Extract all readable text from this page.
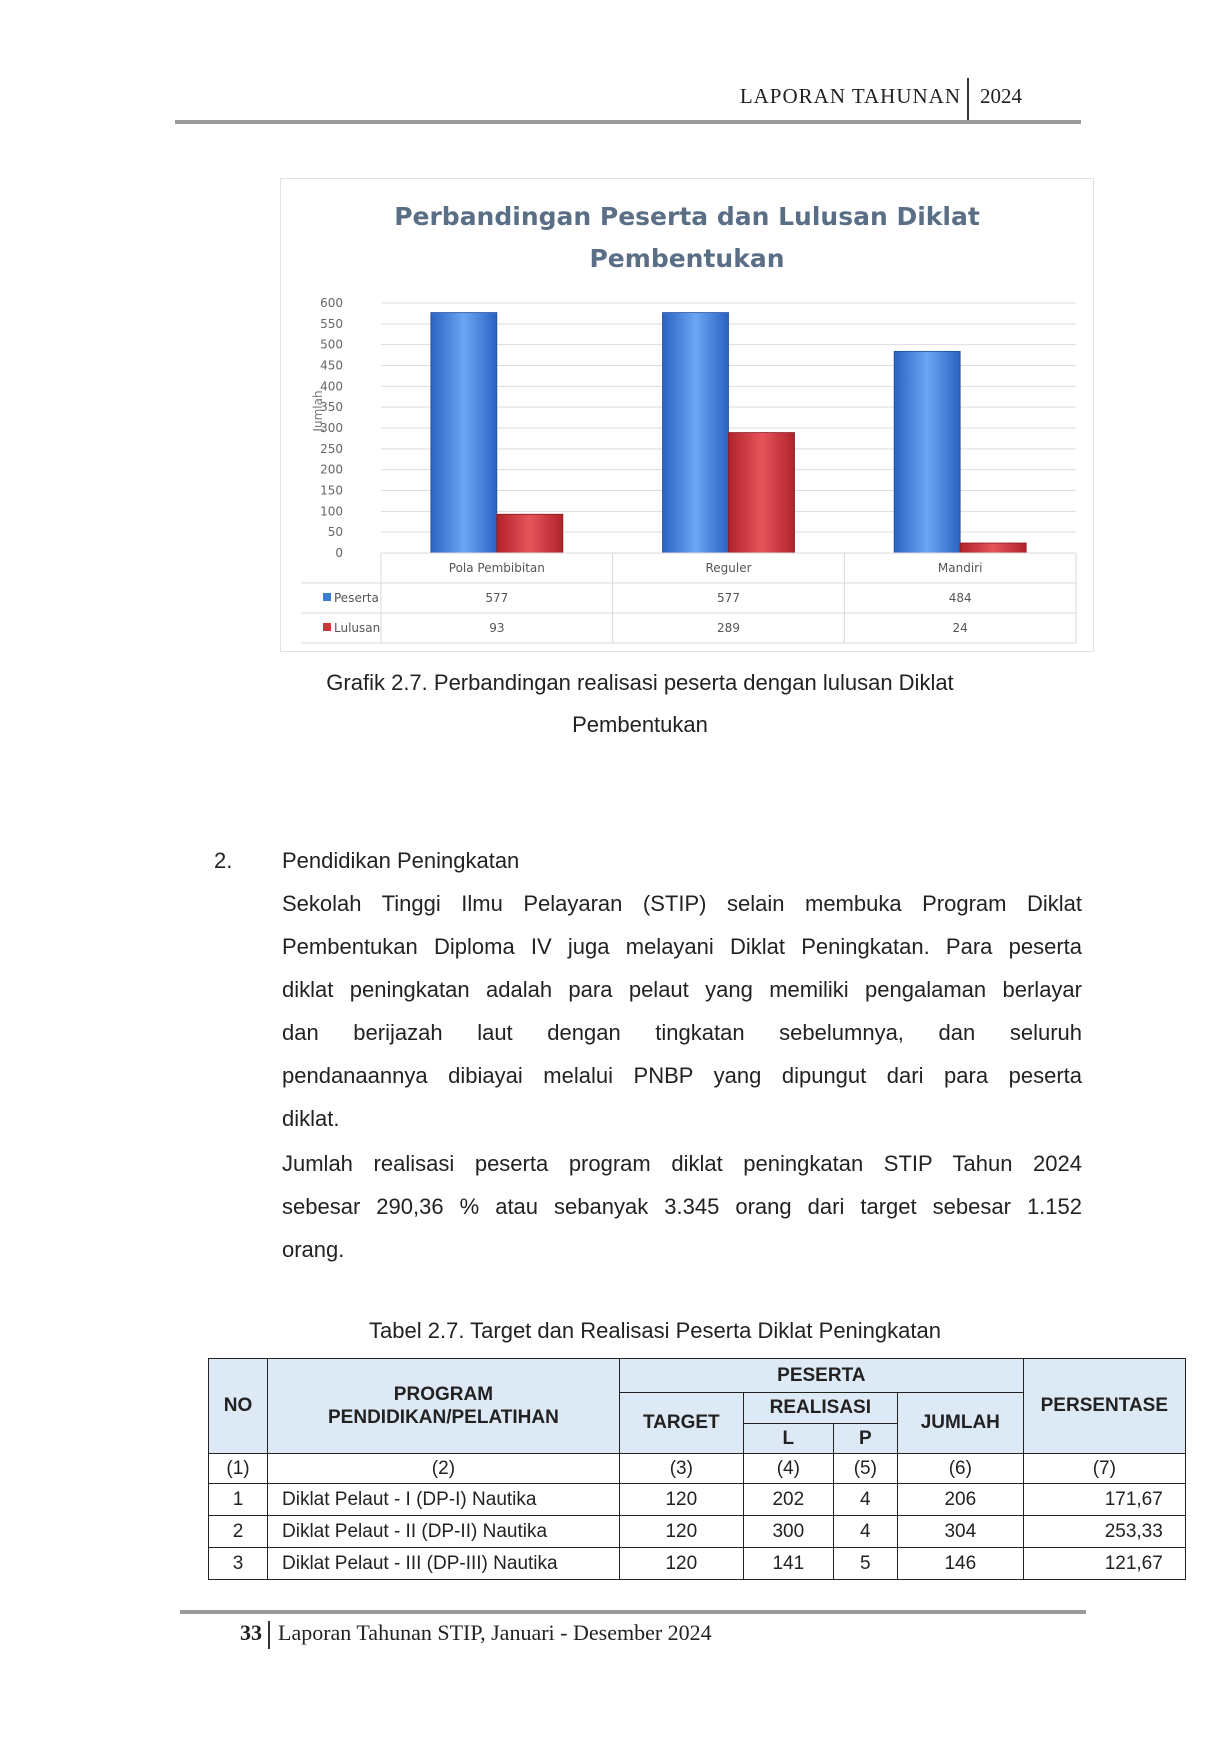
LAPORAN TAHUNAN 2024
Perbandingan Peserta dan Lulusan Diklat
Pembentukan
Jumlah
0
50
100
150
200
250
300
350
400
450
500
550
600
Pola Pembibitan	Reguler	Mandiri
Peserta	577	577	484
Lulusan	93	289	24
Grafik 2.7. Perbandingan realisasi peserta dengan lulusan Diklat
Pembentukan
2. Pendidikan Peningkatan
Sekolah Tinggi Ilmu Pelayaran (STIP) selain membuka Program Diklat
Pembentukan Diploma IV juga melayani Diklat Peningkatan. Para peserta
diklat peningkatan adalah para pelaut yang memiliki pengalaman berlayar
dan berijazah laut dengan tingkatan sebelumnya, dan seluruh
pendanaannya dibiayai melalui PNBP yang dipungut dari para peserta
diklat.
Jumlah realisasi peserta program diklat peningkatan STIP Tahun 2024
sebesar 290,36 % atau sebanyak 3.345 orang dari target sebesar 1.152
orang.
Tabel 2.7. Target dan Realisasi Peserta Diklat Peningkatan
NO	PROGRAM PENDIDIKAN/PELATIHAN	PESERTA				PERSENTASE
		TARGET	REALISASI		JUMLAH	
			L	P		
(1)	(2)	(3)	(4)	(5)	(6)	(7)
1	Diklat Pelaut - I (DP-I) Nautika	120	202	4	206	171,67
2	Diklat Pelaut - II (DP-II) Nautika	120	300	4	304	253,33
3	Diklat Pelaut - III (DP-III) Nautika	120	141	5	146	121,67
33 Laporan Tahunan STIP, Januari - Desember 2024
